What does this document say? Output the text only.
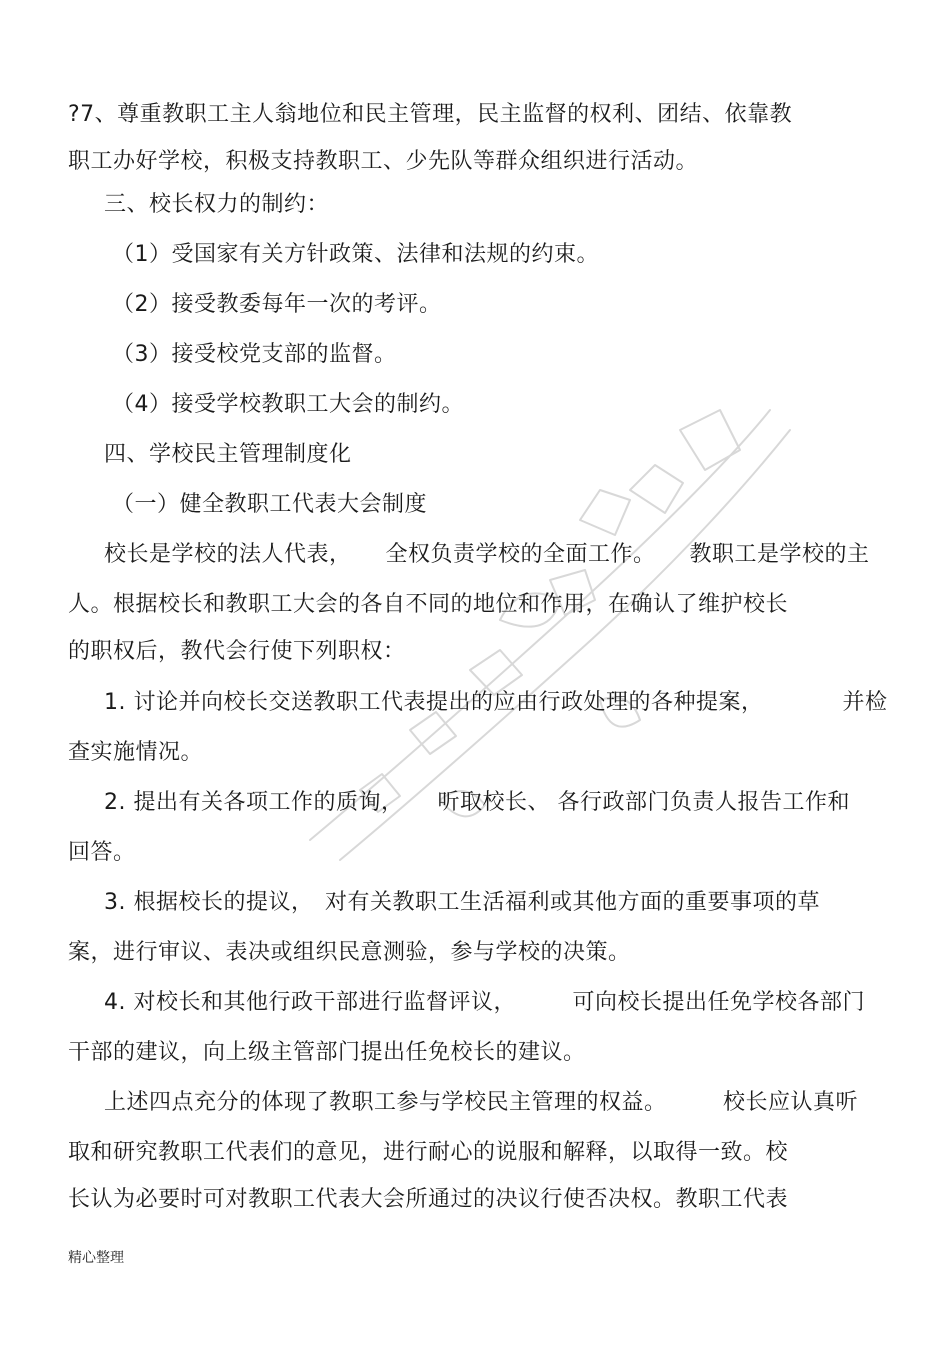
?7、尊重教职工主人翁地位和民主管理，民主监督的权利、团结、依靠教
职工办好学校，积极支持教职工、少先队等群众组织进行活动。
三、校长权力的制约：
（1）受国家有关方针政策、法律和法规的约束。
（2）接受教委每年一次的考评。
（3）接受校党支部的监督。
（4）接受学校教职工大会的制约。
四、学校民主管理制度化
（一）健全教职工代表大会制度
校长是学校的法人代表，　　全权负责学校的全面工作。　　教职工是学校的主
人。根据校长和教职工大会的各自不同的地位和作用，在确认了维护校长
的职权后，教代会行使下列职权：
1. 讨论并向校长交送教职工代表提出的应由行政处理的各种提案，　　　　并检
查实施情况。
2. 提出有关各项工作的质询，　　听取校长、 各行政部门负责人报告工作和
回答。
3. 根据校长的提议，　对有关教职工生活福利或其他方面的重要事项的草
案，进行审议、表决或组织民意测验，参与学校的决策。
4. 对校长和其他行政干部进行监督评议，　　　可向校长提出任免学校各部门
干部的建议，向上级主管部门提出任免校长的建议。
上述四点充分的体现了教职工参与学校民主管理的权益。　　　校长应认真听
取和研究教职工代表们的意见，进行耐心的说服和解释，以取得一致。校
长认为必要时可对教职工代表大会所通过的决议行使否决权。教职工代表
精心整理
